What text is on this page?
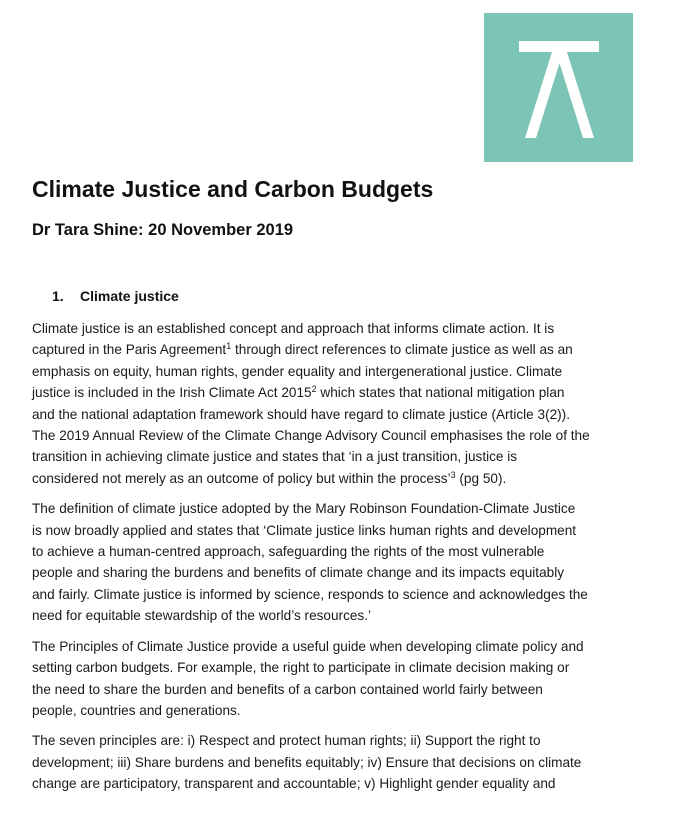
Climate Justice and Carbon Budgets
Dr Tara Shine: 20 November 2019
1. Climate justice

Climate justice is an established concept and approach that informs climate action. It is
captured in the Paris Agreement$^1$ through direct references to climate justice as well as an
emphasis on equity, human rights, gender equality and intergenerational justice. Climate
justice is included in the Irish Climate Act 2015$^2$ which states that national mitigation plan
and the national adaptation framework should have regard to climate justice (Article 3(2)).
The 2019 Annual Review of the Climate Change Advisory Council emphasises the role of the
transition in achieving climate justice and states that ‘in a just transition, justice is
considered not merely as an outcome of policy but within the process’$^3$ (pg 50).

The definition of climate justice adopted by the Mary Robinson Foundation-Climate Justice
is now broadly applied and states that ‘Climate justice links human rights and development
to achieve a human-centred approach, safeguarding the rights of the most vulnerable
people and sharing the burdens and benefits of climate change and its impacts equitably
and fairly. Climate justice is informed by science, responds to science and acknowledges the
need for equitable stewardship of the world’s resources.’

The Principles of Climate Justice provide a useful guide when developing climate policy and
setting carbon budgets. For example, the right to participate in climate decision making or
the need to share the burden and benefits of a carbon contained world fairly between
people, countries and generations.

The seven principles are: i) Respect and protect human rights; ii) Support the right to
development; iii) Share burdens and benefits equitably; iv) Ensure that decisions on climate
change are participatory, transparent and accountable; v) Highlight gender equality and
